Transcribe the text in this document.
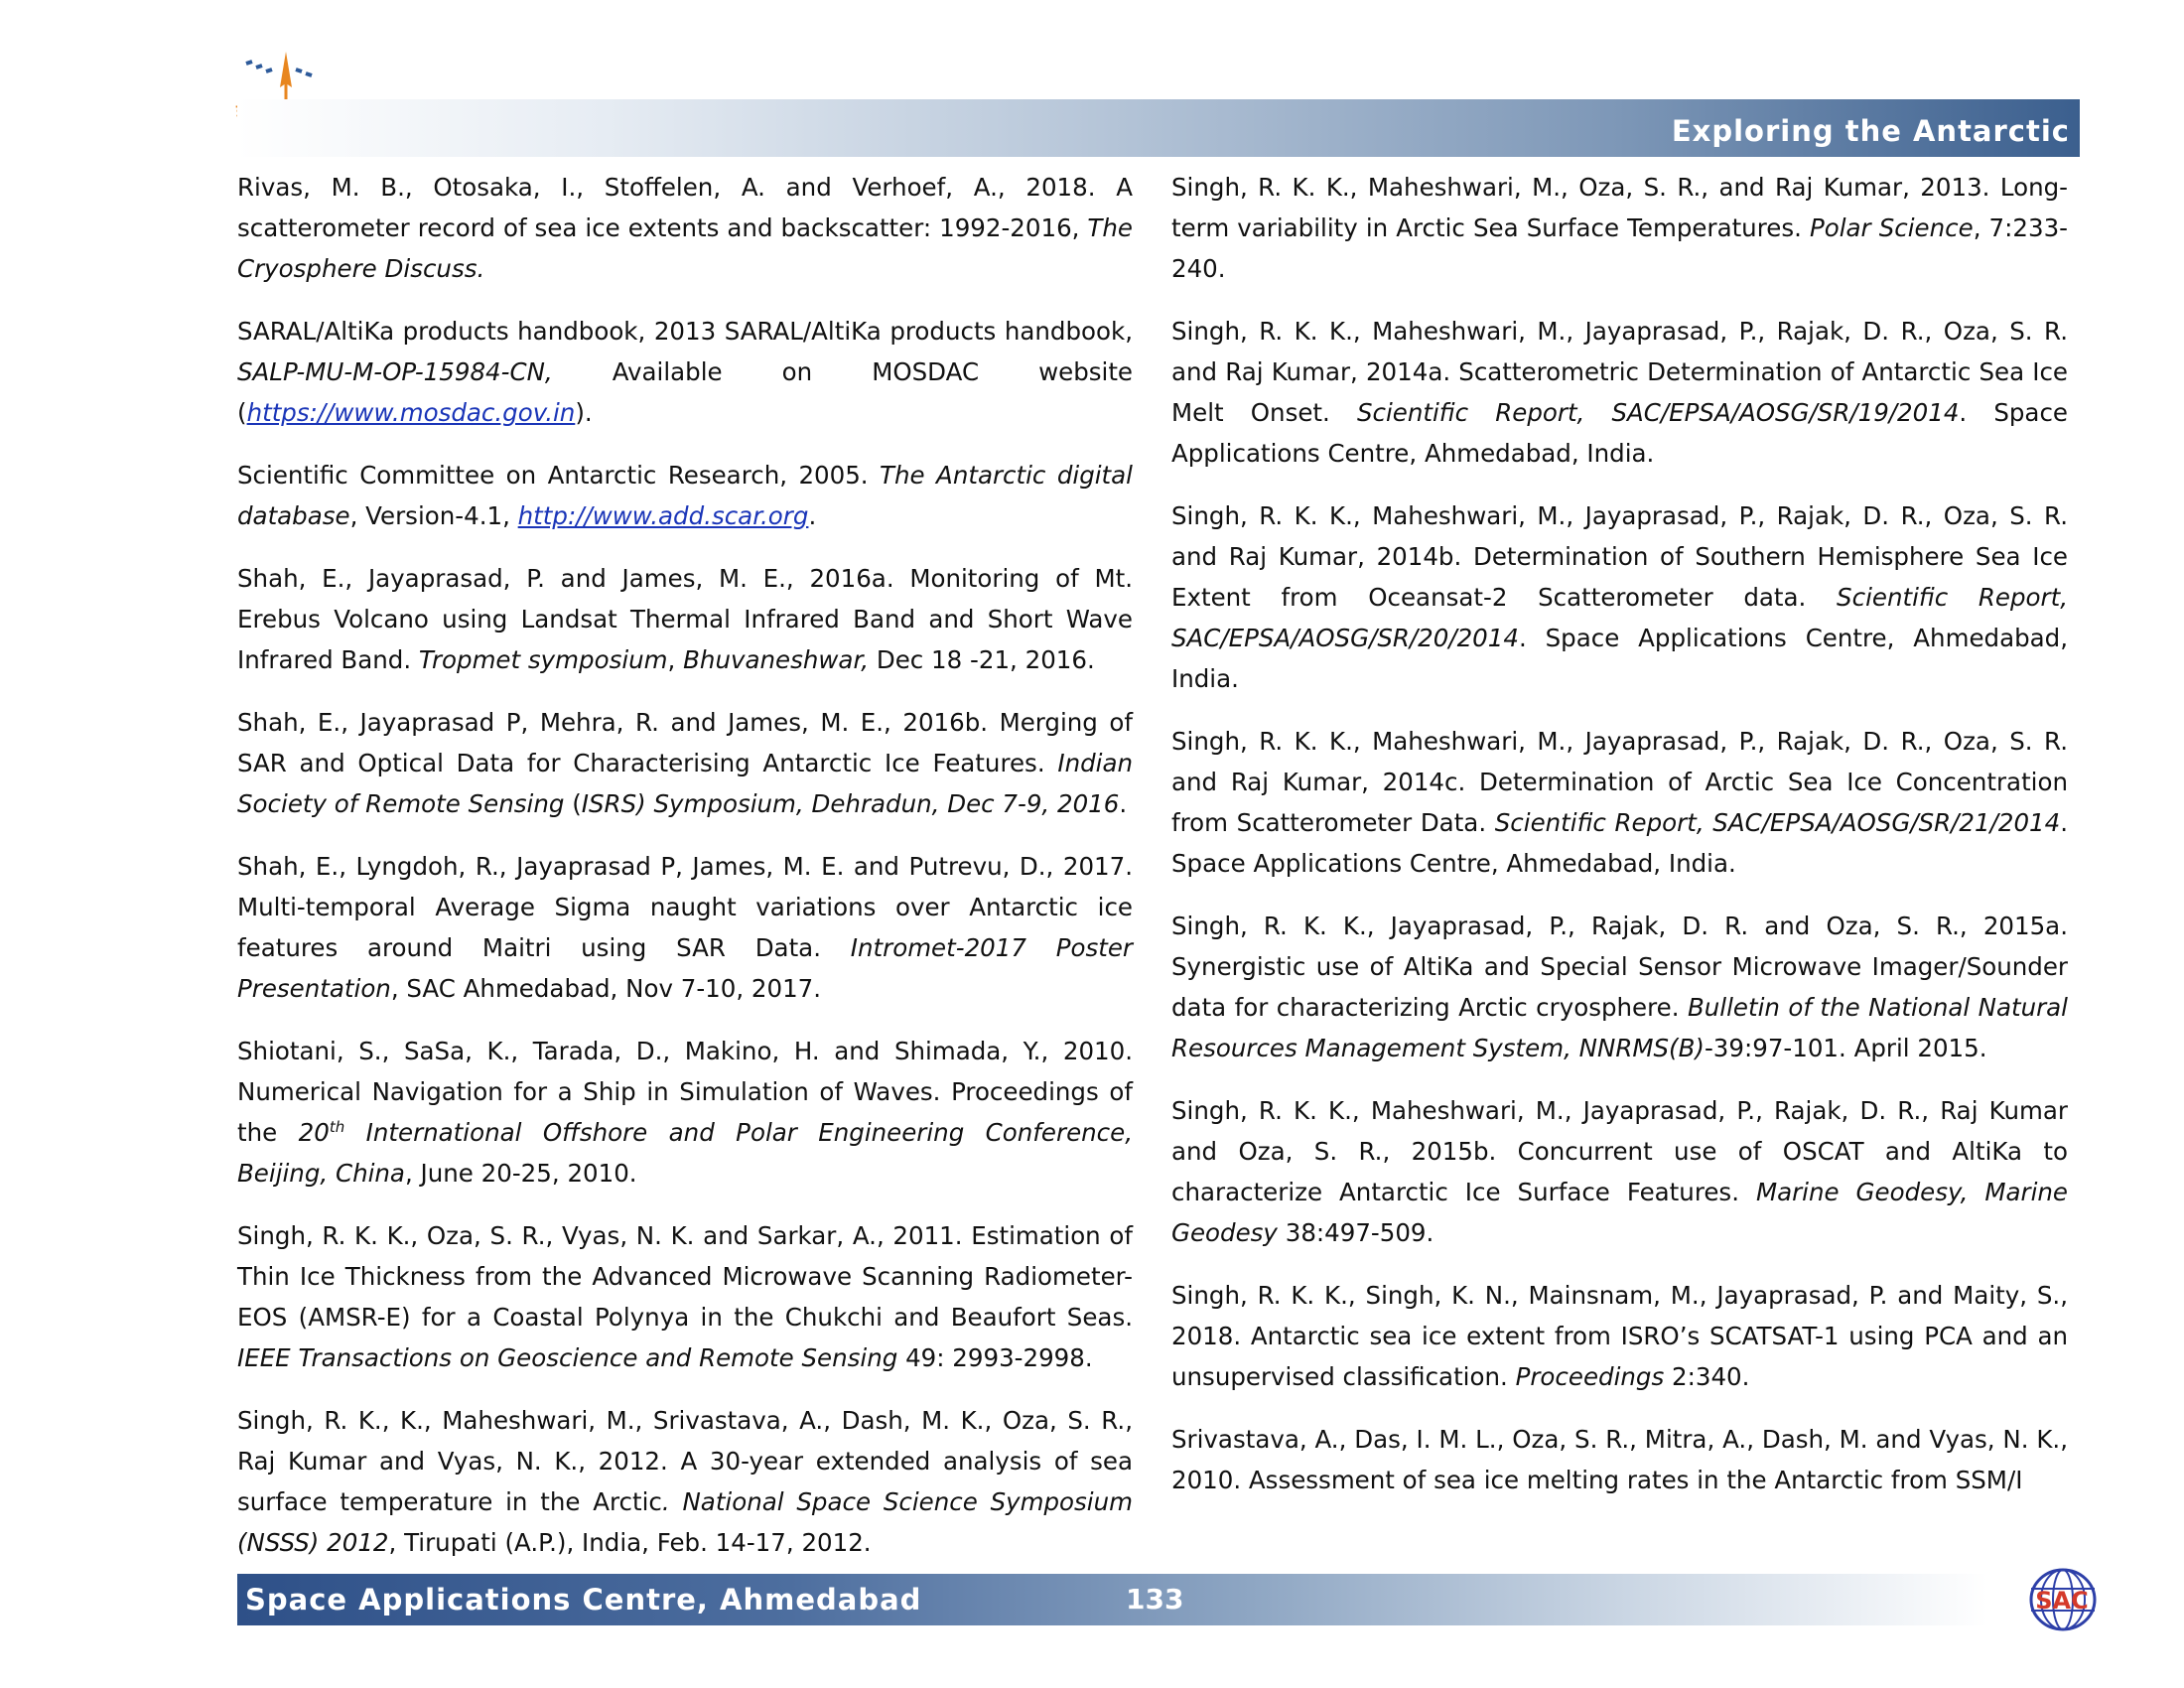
Exploring the Antarctic

Rivas, M. B., Otosaka, I., Stoffelen, A. and Verhoef, A., 2018. A scatterometer record of sea ice extents and backscatter: 1992-2016, The Cryosphere Discuss.

SARAL/AltiKa products handbook, 2013 SARAL/AltiKa products handbook, SALP-MU-M-OP-15984-CN, Available on MOSDAC website (https://www.mosdac.gov.in).

Scientific Committee on Antarctic Research, 2005. The Antarctic digital database, Version-4.1, http://www.add.scar.org.

Shah, E., Jayaprasad, P. and James, M. E., 2016a. Monitoring of Mt. Erebus Volcano using Landsat Thermal Infrared Band and Short Wave Infrared Band. Tropmet symposium, Bhuvaneshwar, Dec 18 -21, 2016.

Shah, E., Jayaprasad P, Mehra, R. and James, M. E., 2016b. Merging of SAR and Optical Data for Characterising Antarctic Ice Features. Indian Society of Remote Sensing (ISRS) Symposium, Dehradun, Dec 7-9, 2016.

Shah, E., Lyngdoh, R., Jayaprasad P, James, M. E. and Putrevu, D., 2017. Multi-temporal Average Sigma naught variations over Antarctic ice features around Maitri using SAR Data. Intromet-2017 Poster Presentation, SAC Ahmedabad, Nov 7-10, 2017.

Shiotani, S., SaSa, K., Tarada, D., Makino, H. and Shimada, Y., 2010. Numerical Navigation for a Ship in Simulation of Waves. Proceedings of the 20th International Offshore and Polar Engineering Conference, Beijing, China, June 20-25, 2010.

Singh, R. K. K., Oza, S. R., Vyas, N. K. and Sarkar, A., 2011. Estimation of Thin Ice Thickness from the Advanced Microwave Scanning Radiometer-EOS (AMSR-E) for a Coastal Polynya in the Chukchi and Beaufort Seas. IEEE Transactions on Geoscience and Remote Sensing 49: 2993-2998.

Singh, R. K., K., Maheshwari, M., Srivastava, A., Dash, M. K., Oza, S. R., Raj Kumar and Vyas, N. K., 2012. A 30-year extended analysis of sea surface temperature in the Arctic. National Space Science Symposium (NSSS) 2012, Tirupati (A.P.), India, Feb. 14-17, 2012.

Singh, R. K. K., Maheshwari, M., Oza, S. R., and Raj Kumar, 2013. Long-term variability in Arctic Sea Surface Temperatures. Polar Science, 7:233-240.

Singh, R. K. K., Maheshwari, M., Jayaprasad, P., Rajak, D. R., Oza, S. R. and Raj Kumar, 2014a. Scatterometric Determination of Antarctic Sea Ice Melt Onset. Scientific Report, SAC/EPSA/AOSG/SR/19/2014. Space Applications Centre, Ahmedabad, India.

Singh, R. K. K., Maheshwari, M., Jayaprasad, P., Rajak, D. R., Oza, S. R. and Raj Kumar, 2014b. Determination of Southern Hemisphere Sea Ice Extent from Oceansat-2 Scatterometer data. Scientific Report, SAC/EPSA/AOSG/SR/20/2014. Space Applications Centre, Ahmedabad, India.

Singh, R. K. K., Maheshwari, M., Jayaprasad, P., Rajak, D. R., Oza, S. R. and Raj Kumar, 2014c. Determination of Arctic Sea Ice Concentration from Scatterometer Data. Scientific Report, SAC/EPSA/AOSG/SR/21/2014. Space Applications Centre, Ahmedabad, India.

Singh, R. K. K., Jayaprasad, P., Rajak, D. R. and Oza, S. R., 2015a. Synergistic use of AltiKa and Special Sensor Microwave Imager/Sounder data for characterizing Arctic cryosphere. Bulletin of the National Natural Resources Management System, NNRMS(B)-39:97-101. April 2015.

Singh, R. K. K., Maheshwari, M., Jayaprasad, P., Rajak, D. R., Raj Kumar and Oza, S. R., 2015b. Concurrent use of OSCAT and AltiKa to characterize Antarctic Ice Surface Features. Marine Geodesy, Marine Geodesy 38:497-509.

Singh, R. K. K., Singh, K. N., Mainsnam, M., Jayaprasad, P. and Maity, S., 2018. Antarctic sea ice extent from ISRO’s SCATSAT-1 using PCA and an unsupervised classification. Proceedings 2:340.

Srivastava, A., Das, I. M. L., Oza, S. R., Mitra, A., Dash, M. and Vyas, N. K., 2010. Assessment of sea ice melting rates in the Antarctic from SSM/I

Space Applications Centre, Ahmedabad	133	SAC
